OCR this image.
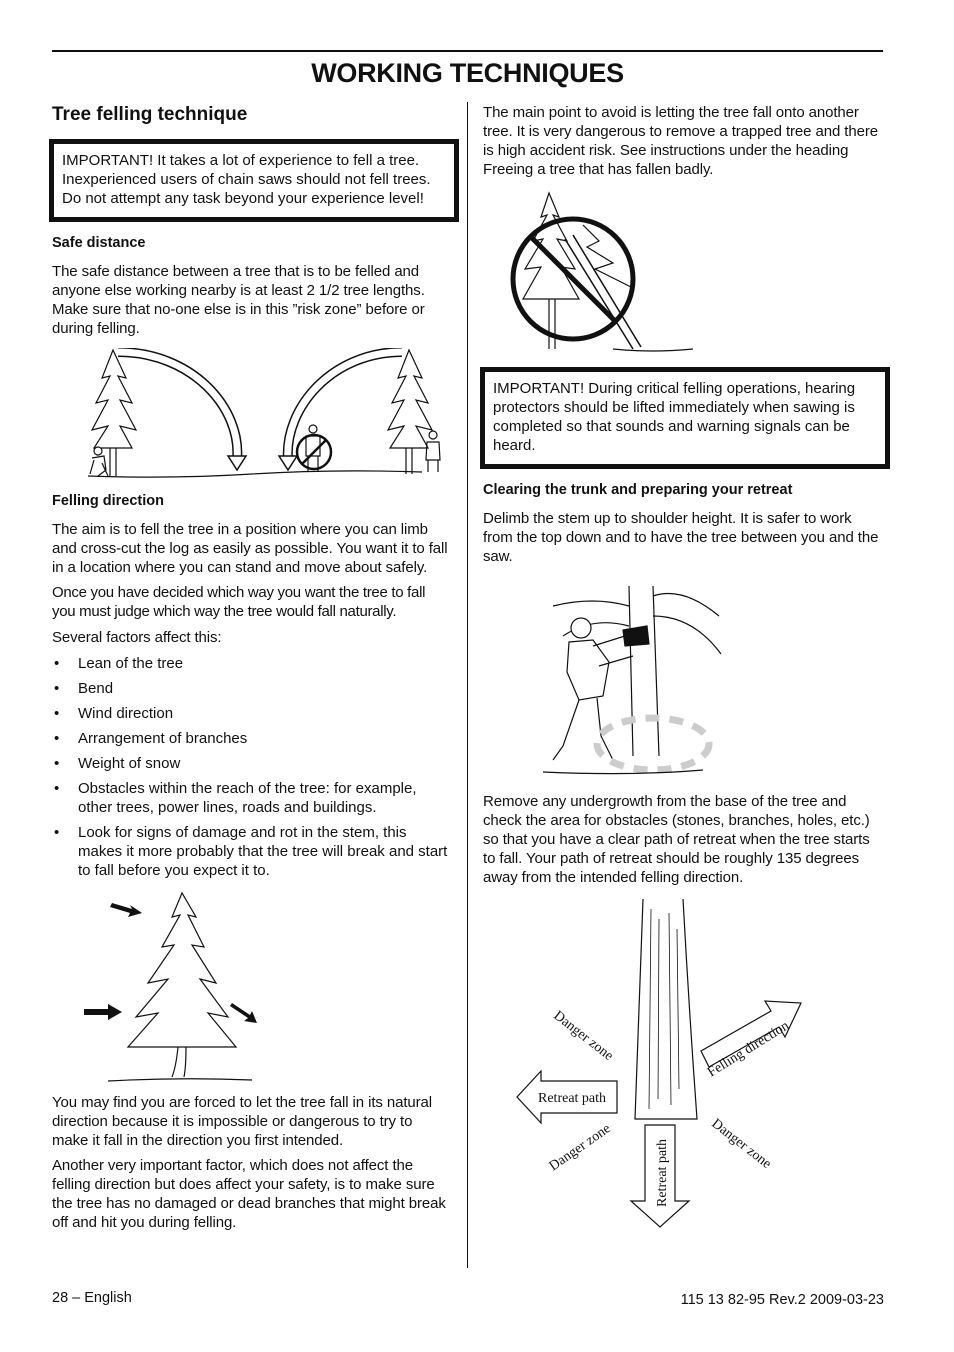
WORKING TECHNIQUES
Tree felling technique
IMPORTANT! It takes a lot of experience to fell a tree. Inexperienced users of chain saws should not fell trees. Do not attempt any task beyond your experience level!
Safe distance

The safe distance between a tree that is to be felled and anyone else working nearby is at least 2 1/2 tree lengths. Make sure that no-one else is in this ”risk zone” before or during felling.

Felling direction

The aim is to fell the tree in a position where you can limb and cross-cut the log as easily as possible. You want it to fall in a location where you can stand and move about safely.

Once you have decided which way you want the tree to fall you must judge which way the tree would fall naturally.

Several factors affect this:

• Lean of the tree
• Bend
• Wind direction
• Arrangement of branches
• Weight of snow
• Obstacles within the reach of the tree: for example, other trees, power lines, roads and buildings.
• Look for signs of damage and rot in the stem, this makes it more probably that the tree will break and start to fall before you expect it to.

You may find you are forced to let the tree fall in its natural direction because it is impossible or dangerous to try to make it fall in the direction you first intended.

Another very important factor, which does not affect the felling direction but does affect your safety, is to make sure the tree has no damaged or dead branches that might break off and hit you during felling.

The main point to avoid is letting the tree fall onto another tree. It is very dangerous to remove a trapped tree and there is high accident risk. See instructions under the heading Freeing a tree that has fallen badly.

IMPORTANT! During critical felling operations, hearing protectors should be lifted immediately when sawing is completed so that sounds and warning signals can be heard.
Clearing the trunk and preparing your retreat

Delimb the stem up to shoulder height. It is safer to work from the top down and to have the tree between you and the saw.

Remove any undergrowth from the base of the tree and check the area for obstacles (stones, branches, holes, etc.) so that you have a clear path of retreat when the tree starts to fall. Your path of retreat should be roughly 135 degrees away from the intended felling direction.

Danger zone
Danger zone	Danger zone
Felling direction
Retreat path
Retreat path
28 – English	115 13 82-95 Rev.2 2009-03-23
